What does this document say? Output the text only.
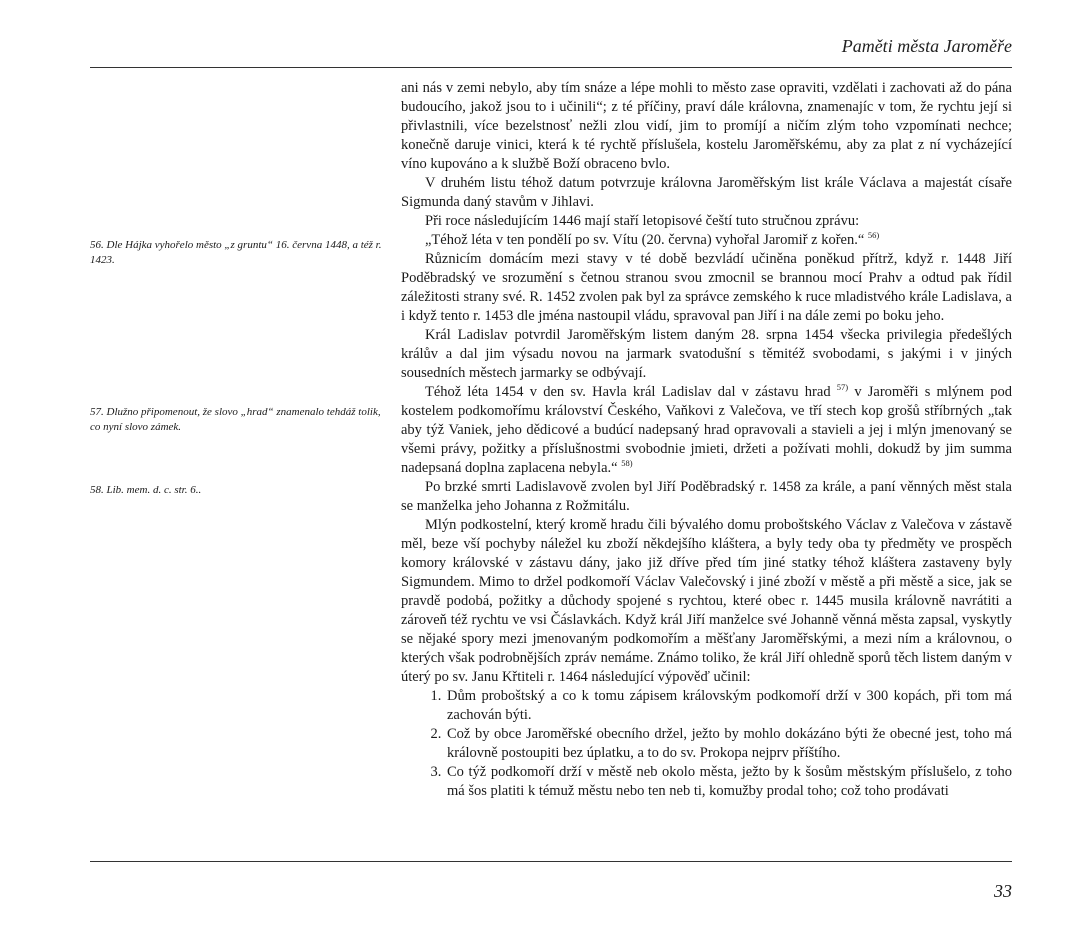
Paměti města Jaroměře
56. Dle Hájka vyhořelo město „z gruntu“ 16. června 1448, a též r. 1423.
57. Dlužno připomenout, že slovo „hrad“ znamenalo tehdáž tolik, co nyní slovo zámek.
58. Lib. mem. d. c. str. 6..

ani nás v zemi nebylo, aby tím snáze a lépe mohli to město zase opraviti, vzdělati i zachovati až do pána budoucího, jakož jsou to i učinili“; z té příčiny, praví dále královna, znamenajíc v tom, že rychtu její si přivlastnili, více bezelstnosť nežli zlou vidí, jim to promíjí a ničím zlým toho vzpomínati nechce; konečně daruje vinici, která k té rychtě příslušela, kostelu Jaroměřskému, aby za plat z ní vycházející víno kupováno a k službě Boží obraceno bvlo.

V druhém listu téhož datum potvrzuje královna Jaroměřským list krále Václava a majestát císaře Sigmunda daný stavům v Jihlavi.

Při roce následujícím 1446 mají staří letopisové čeští tuto stručnou zprávu:

„Téhož léta v ten pondělí po sv. Vítu (20. června) vyhořal Jaromiř z kořen.“ $^{56)}$

Různicím domácím mezi stavy v té době bezvládí učiněna poněkud přítrž, když r. 1448 Jiří Poděbradský ve srozumění s četnou stranou svou zmocnil se brannou mocí Prahv a odtud pak řídil záležitosti strany své. R. 1452 zvolen pak byl za správce zemského k ruce mladistvého krále Ladislava, a i když tento r. 1453 dle jména nastoupil vládu, spravoval pan Jiří i na dále zemi po boku jeho.

Král Ladislav potvrdil Jaroměřským listem daným 28. srpna 1454 všecka privilegia předešlých králův a dal jim výsadu novou na jarmark svatodušní s těmitéž svobodami, s jakými i v jiných sousedních městech jarmarky se odbývají.

Téhož léta 1454 v den sv. Havla král Ladislav dal v zástavu hrad $^{57)}$ v Jaroměři s mlýnem pod kostelem podkomořímu království Českého, Vaňkovi z Valečova, ve tří stech kop grošů stříbrných „tak aby týž Vaniek, jeho dědicové a budúcí nadepsaný hrad opravovali a stavieli a jej i mlýn jmenovaný se všemi právy, požitky a příslušnostmi svobodnie jmieti, držeti a požívati mohli, dokudž by jim summa nadepsaná doplna zaplacena nebyla.“ $^{58)}$

Po brzké smrti Ladislavově zvolen byl Jiří Poděbradský r. 1458 za krále, a paní věnných měst stala se manželka jeho Johanna z Rožmitálu.

Mlýn podkostelní, který kromě hradu čili bývalého domu proboštského Václav z Valečova v zástavě měl, beze vší pochyby náležel ku zboží někdejšího kláštera, a byly tedy oba ty předměty ve prospěch komory královské v zástavu dány, jako již dříve před tím jiné statky téhož kláštera zastaveny byly Sigmundem. Mimo to držel podkomoří Václav Valečovský i jiné zboží v městě a při městě a sice, jak se pravdě podobá, požitky a důchody spojené s rychtou, které obec r. 1445 musila královně navrátiti a zároveň též rychtu ve vsi Čáslavkách. Když král Jiří manželce své Johanně věnná města zapsal, vyskytly se nějaké spory mezi jmenovaným podkomořím a měšťany Jaroměřskými, a mezi ním a královnou, o kterých však podrobnějších zpráv nemáme. Známo toliko, že král Jiří ohledně sporů těch listem daným v úterý po sv. Janu Křtiteli r. 1464 následující výpověď učinil:

1. Dům proboštský a co k tomu zápisem královským podkomoří drží v 300 kopách, při tom má zachován býti.
2. Což by obce Jaroměřské obecního držel, ježto by mohlo dokázáno býti že obecné jest, toho má královně postoupiti bez úplatku, a to do sv. Prokopa nejprv příštího.
3. Co týž podkomoří drží v městě neb okolo města, ježto by k šosům městským příslušelo, z toho má šos platiti k témuž městu nebo ten neb ti, komužby prodal toho; což toho prodávati
33
